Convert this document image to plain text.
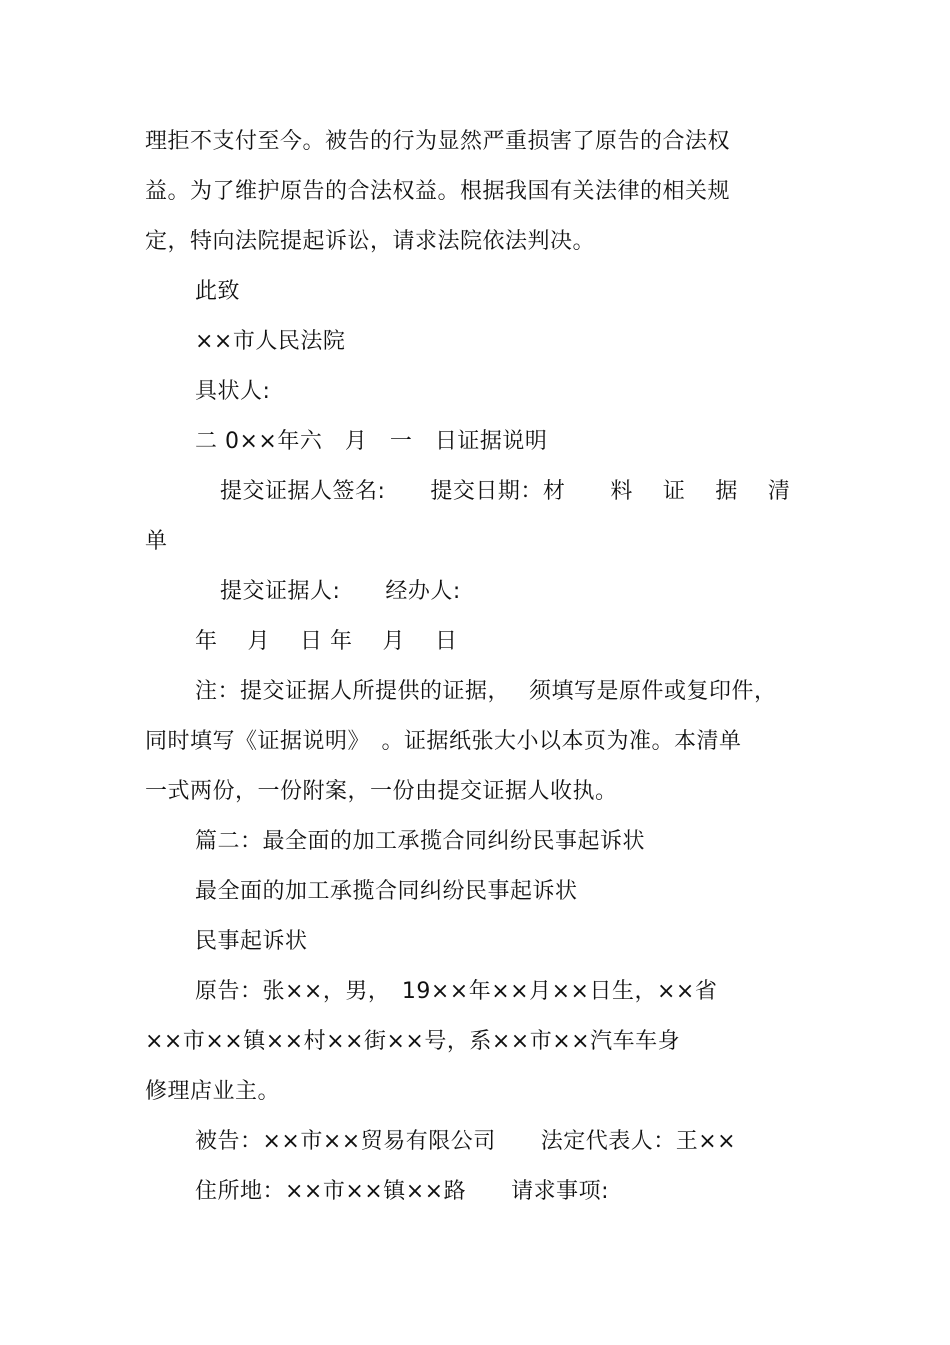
理拒不支付至今。被告的行为显然严重损害了原告的合法权

益。为了维护原告的合法权益。根据我国有关法律的相关规

定，特向法院提起诉讼，请求法院依法判决。

此致

××市人民法院

具状人:

二 0××年六　月　一　日证据说明

提交证据人签名:　　提交日期：材　　料　 证　 据　 清

单

提交证据人:　　经办人:

年　 月　 日 年　 月　 日

注：提交证据人所提供的证据，　 须填写是原件或复印件，

同时填写《证据说明》　。证据纸张大小以本页为准。本清单

一式两份，一份附案，一份由提交证据人收执。

篇二：最全面的加工承揽合同纠纷民事起诉状

最全面的加工承揽合同纠纷民事起诉状

民事起诉状

原告：张××，男，　19××年××月××日生，××省

××市××镇××村××街××号，系××市××汽车车身

修理店业主。

被告：××市××贸易有限公司　　法定代表人：王××

住所地：××市××镇××路　　请求事项:
